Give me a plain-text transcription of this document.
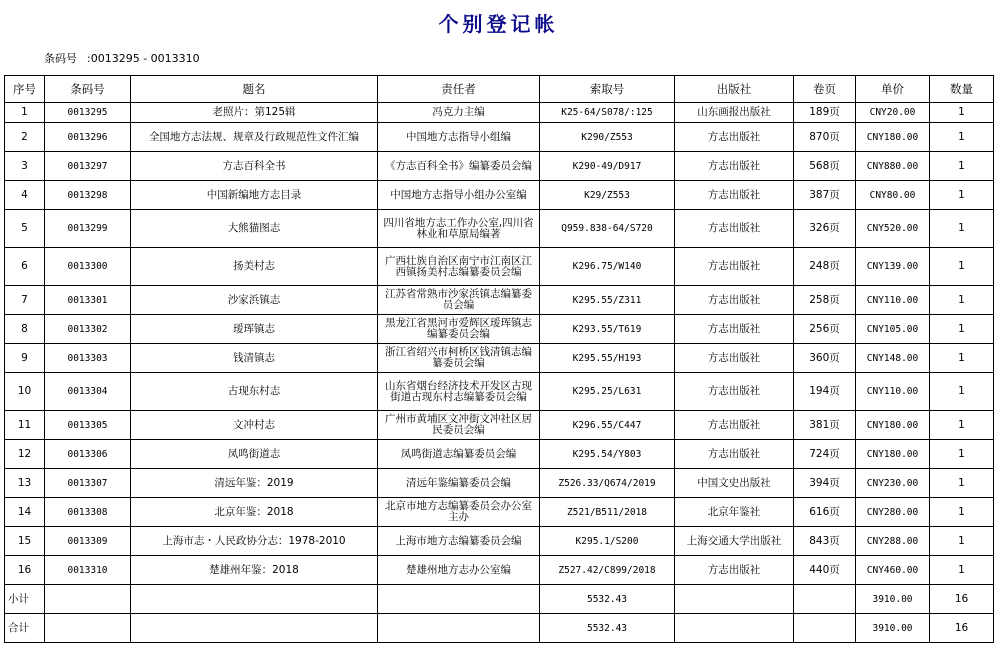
个别登记帐
条码号 :0013295 - 0013310
序号	条码号	题名	责任者	索取号	出版社	卷页	单价	数量
1	0013295	老照片：第125辑	冯克力主编	K25-64/S078/:125	山东画报出版社	189页	CNY20.00	1
2	0013296	全国地方志法规、规章及行政规范性文件汇编	中国地方志指导小组编	K290/Z553	方志出版社	870页	CNY180.00	1
3	0013297	方志百科全书	《方志百科全书》编纂委员会编	K290-49/D917	方志出版社	568页	CNY880.00	1
4	0013298	中国新编地方志目录	中国地方志指导小组办公室编	K29/Z553	方志出版社	387页	CNY80.00	1
5	0013299	大熊猫图志	四川省地方志工作办公室,四川省林业和草原局编著	Q959.838-64/S720	方志出版社	326页	CNY520.00	1
6	0013300	扬美村志	广西壮族自治区南宁市江南区江西镇扬美村志编纂委员会编	K296.75/W140	方志出版社	248页	CNY139.00	1
7	0013301	沙家浜镇志	江苏省常熟市沙家浜镇志编纂委员会编	K295.55/Z311	方志出版社	258页	CNY110.00	1
8	0013302	瑷珲镇志	黑龙江省黑河市爱辉区瑷珲镇志编纂委员会编	K293.55/T619	方志出版社	256页	CNY105.00	1
9	0013303	钱清镇志	浙江省绍兴市柯桥区钱清镇志编纂委员会编	K295.55/H193	方志出版社	360页	CNY148.00	1
10	0013304	古现东村志	山东省烟台经济技术开发区古现街道古现东村志编纂委员会编	K295.25/L631	方志出版社	194页	CNY110.00	1
11	0013305	文冲村志	广州市黄埔区文冲街文冲社区居民委员会编	K296.55/C447	方志出版社	381页	CNY180.00	1
12	0013306	凤鸣街道志	凤鸣街道志编纂委员会编	K295.54/Y803	方志出版社	724页	CNY180.00	1
13	0013307	清远年鉴：2019	清远年鉴编纂委员会编	Z526.33/Q674/2019	中国文史出版社	394页	CNY230.00	1
14	0013308	北京年鉴：2018	北京市地方志编纂委员会办公室主办	Z521/B511/2018	北京年鉴社	616页	CNY280.00	1
15	0013309	上海市志・人民政协分志：1978-2010	上海市地方志编纂委员会编	K295.1/S200	上海交通大学出版社	843页	CNY288.00	1
16	0013310	楚雄州年鉴：2018	楚雄州地方志办公室编	Z527.42/C899/2018	方志出版社	440页	CNY460.00	1
小计				5532.43			3910.00	16
合计				5532.43			3910.00	16
